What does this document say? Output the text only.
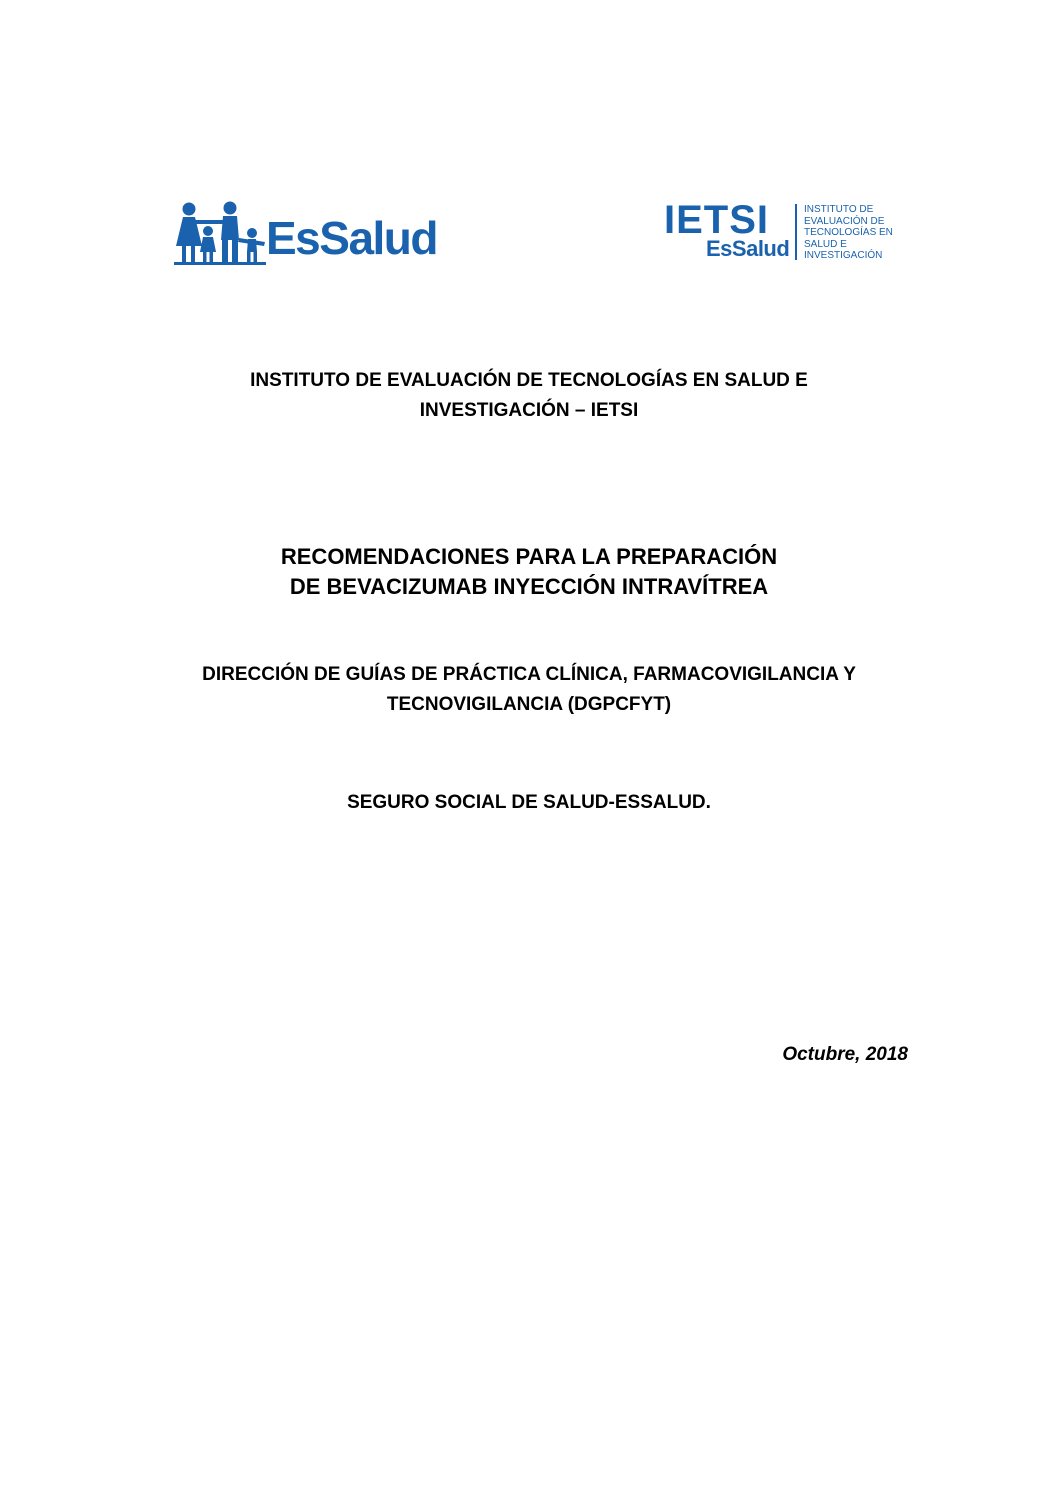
EsSalud	IETSI
EsSalud
INSTITUTO DE
EVALUACIÓN DE
TECNOLOGÍAS EN
SALUD E
INVESTIGACIÓN
INSTITUTO DE EVALUACIÓN DE TECNOLOGÍAS EN SALUD E
INVESTIGACIÓN – IETSI
RECOMENDACIONES PARA LA PREPARACIÓN
DE BEVACIZUMAB INYECCIÓN INTRAVÍTREA
DIRECCIÓN DE GUÍAS DE PRÁCTICA CLÍNICA, FARMACOVIGILANCIA Y
TECNOVIGILANCIA (DGPCFYT)
SEGURO SOCIAL DE SALUD-ESSALUD.
Octubre, 2018
